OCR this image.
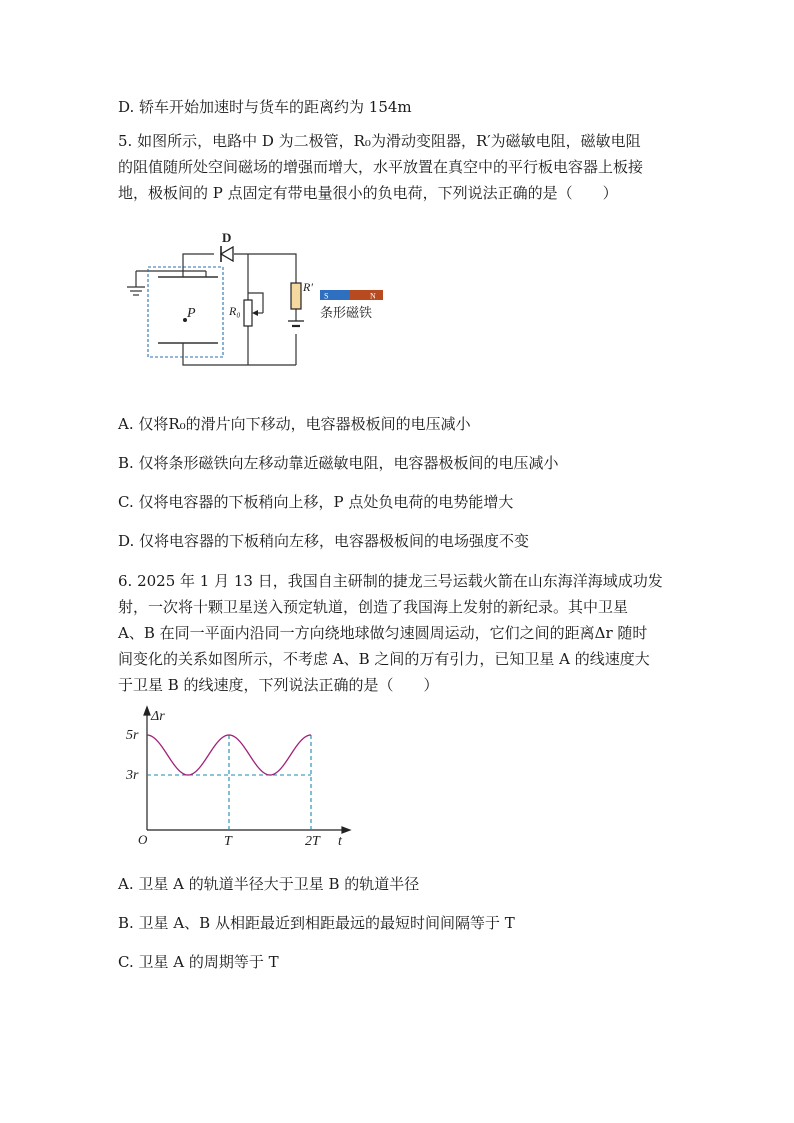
D. 轿车开始加速时与货车的距离约为 154m
5. 如图所示，电路中 D 为二极管，R₀为滑动变阻器，R′为磁敏电阻，磁敏电阻
的阻值随所处空间磁场的增强而增大，水平放置在真空中的平行板电容器上板接
地，极板间的 P 点固定有带电量很小的负电荷，下列说法正确的是（　　）
P
D
R₀
R′
S	N
条形磁铁
A. 仅将R₀的滑片向下移动，电容器极板间的电压减小
B. 仅将条形磁铁向左移动靠近磁敏电阻，电容器极板间的电压减小
C. 仅将电容器的下板稍向上移，P 点处负电荷的电势能增大
D. 仅将电容器的下板稍向左移，电容器极板间的电场强度不变
6. 2025 年 1 月 13 日，我国自主研制的捷龙三号运载火箭在山东海洋海域成功发
射，一次将十颗卫星送入预定轨道，创造了我国海上发射的新纪录。其中卫星
A、B 在同一平面内沿同一方向绕地球做匀速圆周运动，它们之间的距离Δr 随时
间变化的关系如图所示，不考虑 A、B 之间的万有引力，已知卫星 A 的线速度大
于卫星 B 的线速度，下列说法正确的是（　　）
Δr
t
O
5r
3r
T	2T
A. 卫星 A 的轨道半径大于卫星 B 的轨道半径
B. 卫星 A、B 从相距最近到相距最远的最短时间间隔等于 T
C. 卫星 A 的周期等于 T
